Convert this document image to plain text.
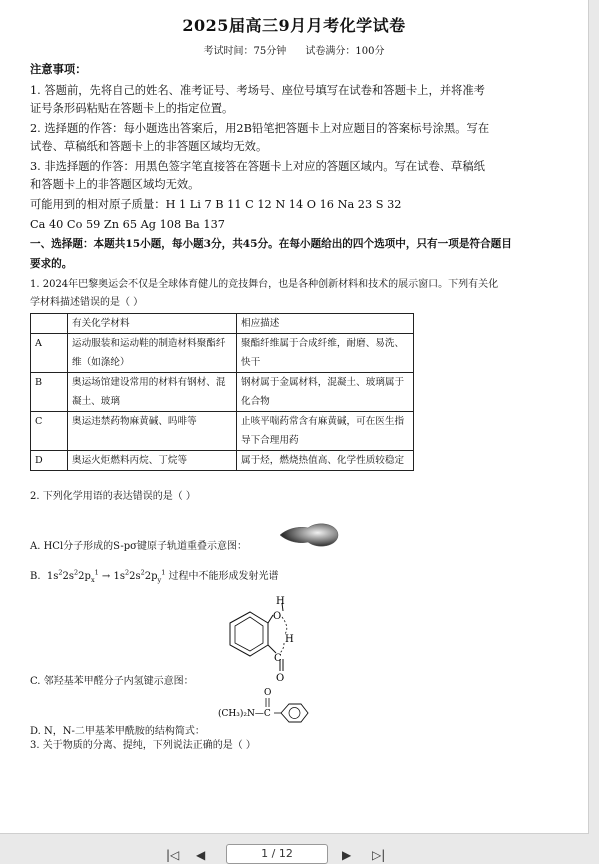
2025届高三9月月考化学试卷
考试时间：75分钟 试卷满分：100分
注意事项：
1. 答题前，先将自己的姓名、准考证号、考场号、座位号填写在试卷和答题卡上，并将准考
证号条形码粘贴在答题卡上的指定位置。
2. 选择题的作答：每小题选出答案后，用2B铅笔把答题卡上对应题目的答案标号涂黑。写在
试卷、草稿纸和答题卡上的非答题区域均无效。
3. 非选择题的作答：用黑色签字笔直接答在答题卡上对应的答题区域内。写在试卷、草稿纸
和答题卡上的非答题区域均无效。
可能用到的相对原子质量：H 1 Li 7 B 11 C 12 N 14 O 16 Na 23 S 32
Ca 40 Co 59 Zn 65 Ag 108 Ba 137
一、选择题：本题共15小题，每小题3分，共45分。在每小题给出的四个选项中，只有一项是符合题目
要求的。
1. 2024年巴黎奥运会不仅是全球体育健儿的竞技舞台，也是各种创新材料和技术的展示窗口。下列有关化
学材料描述错误的是（ ）
	有关化学材料	相应描述
A	运动服装和运动鞋的制造材料聚酯纤维（如涤纶）	聚酯纤维属于合成纤维，耐磨、易洗、快干
B	奥运场馆建设常用的材料有钢材、混凝土、玻璃	钢材属于金属材料，混凝土、玻璃属于化合物
C	奥运违禁药物麻黄碱、吗啡等	止咳平喘药常含有麻黄碱，可在医生指导下合理用药
D	奥运火炬燃料丙烷、丁烷等	属于烃，燃烧热值高、化学性质较稳定
2. 下列化学用语的表达错误的是（ ）
A. HCl分子形成的S-pσ键原子轨道重叠示意图：
B.  $1s^22s^22p_x^1 \to 1s^22s^22p_y^1$ 过程中不能形成发射光谱
H
O
H
C
O
C. 邻羟基苯甲醛分子内氢键示意图：
(CH₃)₂N—C
O
D. N，N-二甲基苯甲酰胺的结构简式：
3. 关于物质的分离、提纯，下列说法正确的是（ ）
|◁ ◀	1 / 12	▶ ▷|
